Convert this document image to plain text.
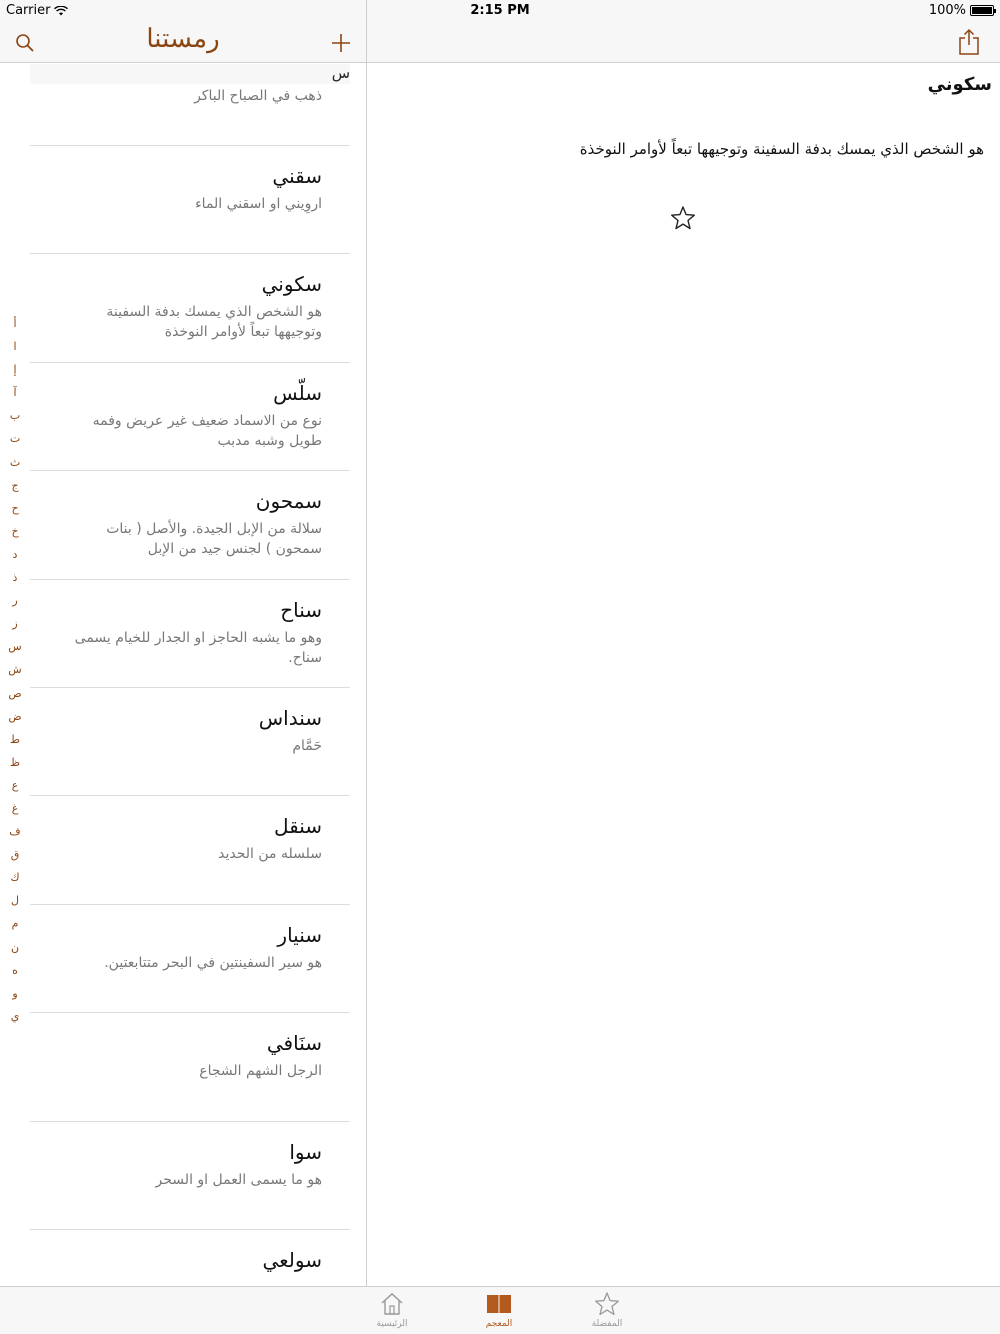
Carrier	2:15 PM	100%
رمستنا
س
ذهب في الصباح الباكر
سقني
اروِيني او اسقني الماء
سكوني
هو الشخص الذي يمسك بدفة السفينة وتوجيهها تبعاً لأوامر النوخذة
سلّس
نوع من الاسماد ضعيف غير عريض وفمه طويل وشبه مدبب
سمحون
سلالة من الإبل الجيدة. والأصل ( بنات سمحون ) لجنس جيد من الإبل
سناح
وهو ما يشبه الحاجز او الجدار للخيام يسمى سناح.
سنداس
حَمَّام
سنقل
سلسله من الحديد
سنيار
هو سير السفينتين في البحر متتابعتين.
سنَافي
الرجل الشهم الشجاع
سوا
هو ما يسمى العمل او السحر
سولعي
أ
ا
إ
آ
ب
ت
ث
ج
ح
خ
د
ذ
ر
ز
س
ش
ص
ض
ط
ظ
ع
غ
ف
ق
ك
ل
م
ن
ه
و
ي
سكوني
هو الشخص الذي يمسك بدفة السفينة وتوجيهها تبعاً لأوامر النوخذة
الرئيسية	المعجم	المفضلة
